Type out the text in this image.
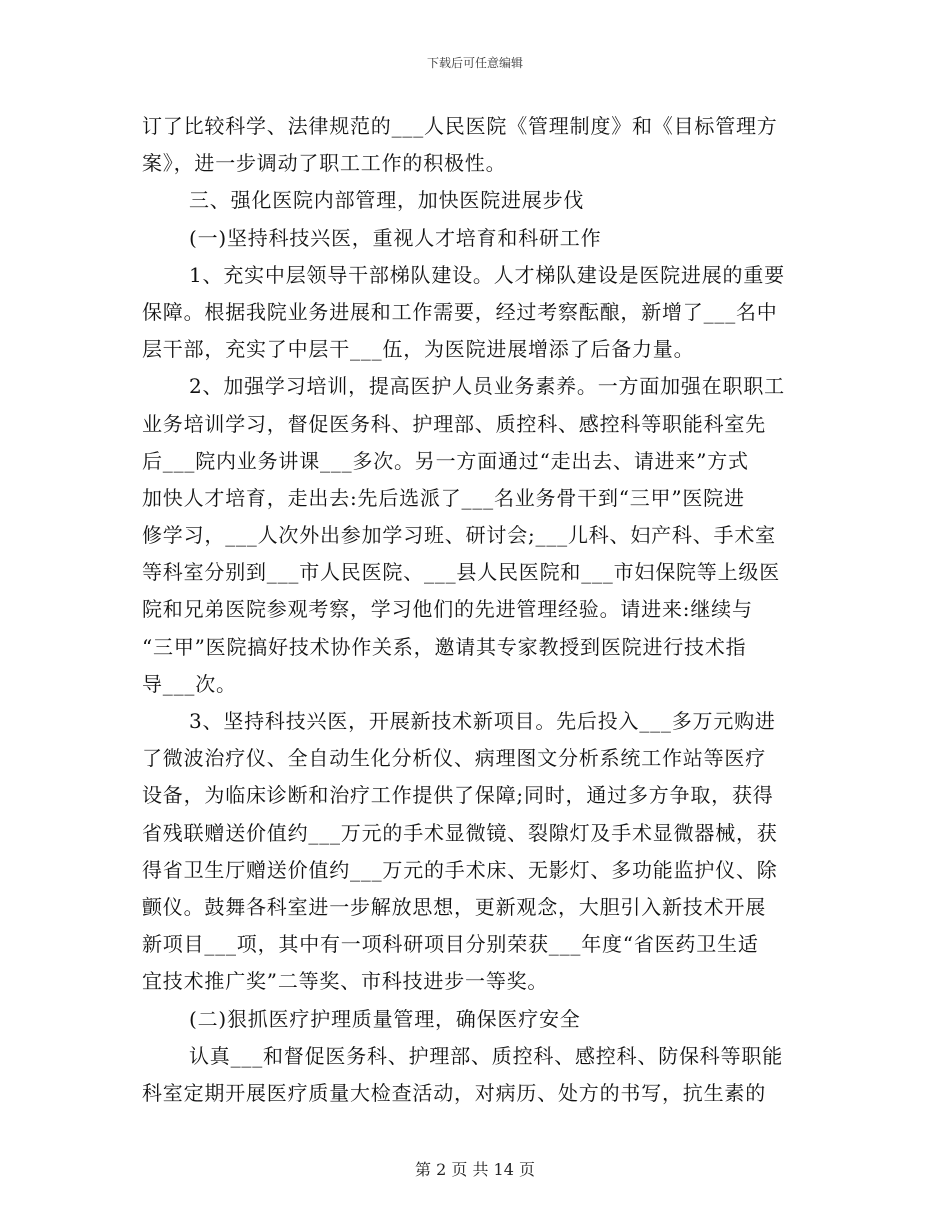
下载后可任意编辑
订了比较科学、法律规范的___人民医院《管理制度》和《目标管理方
案》，进一步调动了职工工作的积极性。
三、强化医院内部管理，加快医院进展步伐
(一)坚持科技兴医，重视人才培育和科研工作
1、充实中层领导干部梯队建设。人才梯队建设是医院进展的重要
保障。根据我院业务进展和工作需要，经过考察酝酿，新增了___名中
层干部，充实了中层干___伍，为医院进展增添了后备力量。
2、加强学习培训，提高医护人员业务素养。一方面加强在职职工
业务培训学习，督促医务科、护理部、质控科、感控科等职能科室先
后___院内业务讲课___多次。另一方面通过“走出去、请进来”方式
加快人才培育，走出去:先后选派了___名业务骨干到“三甲”医院进
修学习，___人次外出参加学习班、研讨会;___儿科、妇产科、手术室
等科室分别到___市人民医院、___县人民医院和___市妇保院等上级医
院和兄弟医院参观考察，学习他们的先进管理经验。请进来:继续与
“三甲”医院搞好技术协作关系，邀请其专家教授到医院进行技术指
导___次。
3、坚持科技兴医，开展新技术新项目。先后投入___多万元购进
了微波治疗仪、全自动生化分析仪、病理图文分析系统工作站等医疗
设备，为临床诊断和治疗工作提供了保障;同时，通过多方争取，获得
省残联赠送价值约___万元的手术显微镜、裂隙灯及手术显微器械，获
得省卫生厅赠送价值约___万元的手术床、无影灯、多功能监护仪、除
颤仪。鼓舞各科室进一步解放思想，更新观念，大胆引入新技术开展
新项目___项，其中有一项科研项目分别荣获___年度“省医药卫生适
宜技术推广奖”二等奖、市科技进步一等奖。
(二)狠抓医疗护理质量管理，确保医疗安全
认真___和督促医务科、护理部、质控科、感控科、防保科等职能
科室定期开展医疗质量大检查活动，对病历、处方的书写，抗生素的
第 2 页 共 14 页
